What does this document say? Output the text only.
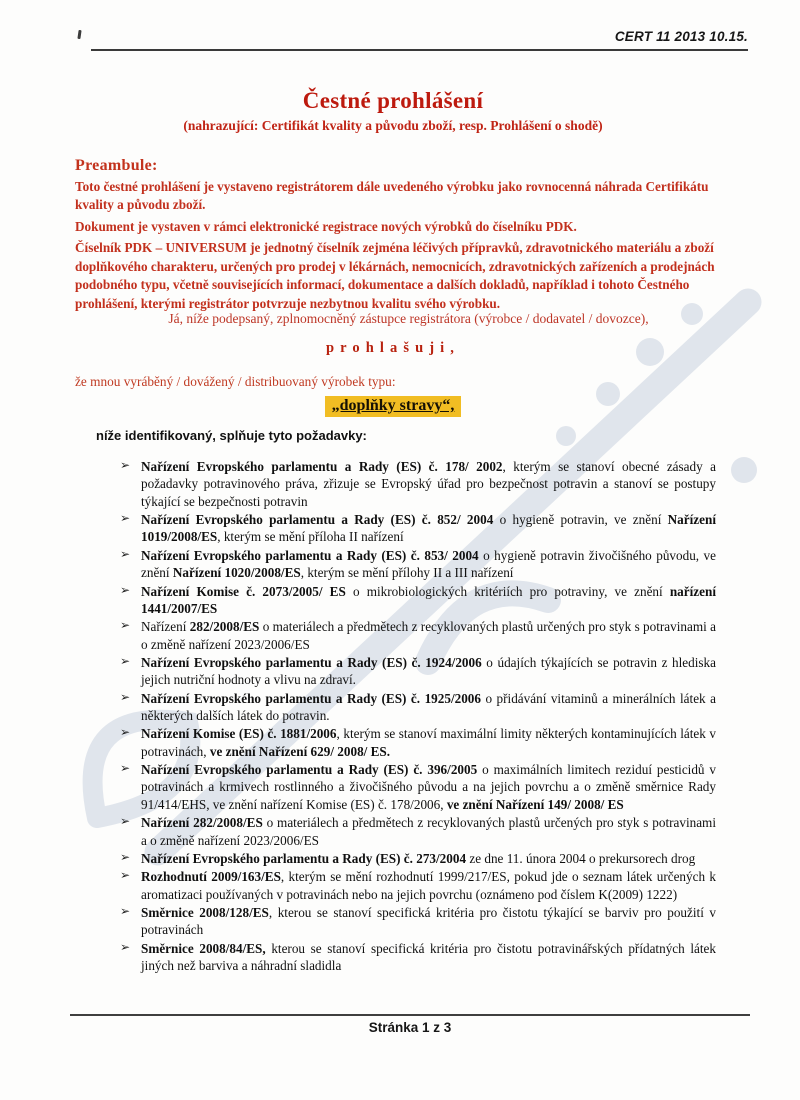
CERT 11 2013 10.15.
Čestné prohlášení
(nahrazující: Certifikát kvality a původu zboží, resp. Prohlášení o shodě)
Preambule:

Toto čestné prohlášení je vystaveno registrátorem dále uvedeného výrobku jako rovnocenná náhrada Certifikátu kvality a původu zboží.

Dokument je vystaven v rámci elektronické registrace nových výrobků do číselníku PDK.

Číselník PDK – UNIVERSUM je jednotný číselník zejména léčivých přípravků, zdravotnického materiálu a zboží doplňkového charakteru, určených pro prodej v lékárnách, nemocnicích, zdravotnických zařízeních a prodejnách podobného typu, včetně souvisejících informací, dokumentace a dalších dokladů, například i tohoto Čestného prohlášení, kterými registrátor potvrzuje nezbytnou kvalitu svého výrobku.

Já, níže podepsaný, zplnomocněný zástupce registrátora (výrobce / dodavatel / dovozce),
prohlašuji,
že mnou vyráběný / dovážený / distribuovaný výrobek typu:
„doplňky stravy“,
níže identifikovaný, splňuje tyto požadavky:
➢ Nařízení Evropského parlamentu a Rady (ES) č. 178/ 2002, kterým se stanoví obecné zásady a požadavky potravinového práva, zřizuje se Evropský úřad pro bezpečnost potravin a stanoví se postupy týkající se bezpečnosti potravin
➢ Nařízení Evropského parlamentu a Rady (ES) č. 852/ 2004 o hygieně potravin, ve znění Nařízení 1019/2008/ES, kterým se mění příloha II nařízení
➢ Nařízení Evropského parlamentu a Rady (ES) č. 853/ 2004 o hygieně potravin živočišného původu, ve znění Nařízení 1020/2008/ES, kterým se mění přílohy II a III nařízení
➢ Nařízení Komise č. 2073/2005/ ES o mikrobiologických kritériích pro potraviny, ve znění nařízení 1441/2007/ES
➢ Nařízení 282/2008/ES o materiálech a předmětech z recyklovaných plastů určených pro styk s potravinami a o změně nařízení 2023/2006/ES
➢ Nařízení Evropského parlamentu a Rady (ES) č. 1924/2006 o údajích týkajících se potravin z hlediska jejich nutriční hodnoty a vlivu na zdraví.
➢ Nařízení Evropského parlamentu a Rady (ES) č. 1925/2006 o přidávání vitaminů a minerálních látek a některých dalších látek do potravin.
➢ Nařízení Komise (ES) č. 1881/2006, kterým se stanoví maximální limity některých kontaminujících látek v potravinách, ve znění Nařízení 629/ 2008/ ES.
➢ Nařízení Evropského parlamentu a Rady (ES) č. 396/2005 o maximálních limitech reziduí pesticidů v potravinách a krmivech rostlinného a živočišného původu a na jejich povrchu a o změně směrnice Rady 91/414/EHS, ve znění nařízení Komise (ES) č. 178/2006, ve znění Nařízení 149/ 2008/ ES
➢ Nařízení 282/2008/ES o materiálech a předmětech z recyklovaných plastů určených pro styk s potravinami a o změně nařízení 2023/2006/ES
➢ Nařízení Evropského parlamentu a Rady (ES) č. 273/2004 ze dne 11. února 2004 o prekursorech drog
➢ Rozhodnutí 2009/163/ES, kterým se mění rozhodnutí 1999/217/ES, pokud jde o seznam látek určených k aromatizaci používaných v potravinách nebo na jejich povrchu (oznámeno pod číslem K(2009) 1222)
➢ Směrnice 2008/128/ES, kterou se stanoví specifická kritéria pro čistotu týkající se barviv pro použití v potravinách
➢ Směrnice 2008/84/ES, kterou se stanoví specifická kritéria pro čistotu potravinářských přídatných látek jiných než barviva a náhradní sladidla
Stránka 1 z 3
